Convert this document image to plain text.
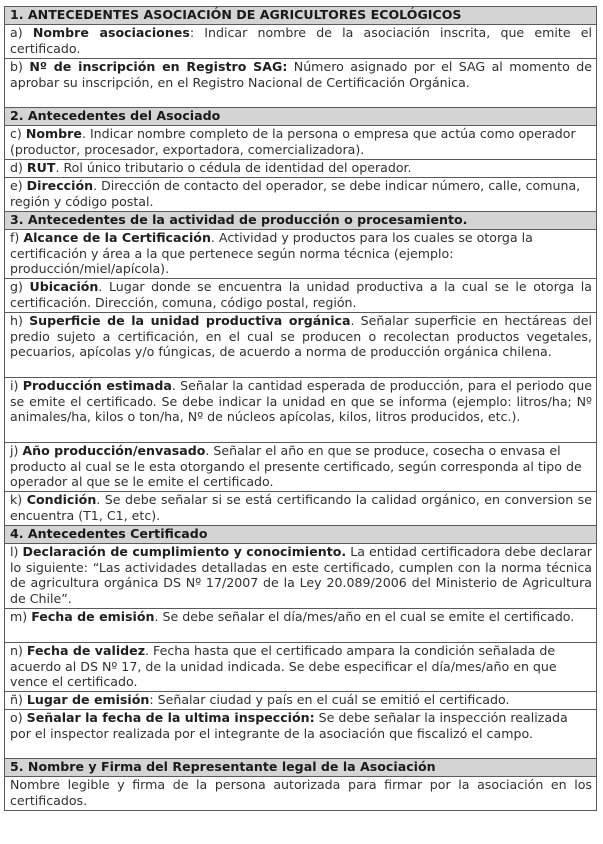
1. ANTECEDENTES ASOCIACIÓN DE AGRICULTORES ECOLÓGICOS
a) Nombre asociaciones: Indicar nombre de la asociación inscrita, que emite el certificado.
b) Nº de inscripción en Registro SAG: Número asignado por el SAG al momento de aprobar su inscripción, en el Registro Nacional de Certificación Orgánica.
2. Antecedentes del Asociado
c) Nombre. Indicar nombre completo de la persona o empresa que actúa como operador (productor, procesador, exportadora, comercializadora).
d) RUT. Rol único tributario o cédula de identidad del operador.
e) Dirección. Dirección de contacto del operador, se debe indicar número, calle, comuna, región y código postal.
3. Antecedentes de la actividad de producción o procesamiento.
f) Alcance de la Certificación. Actividad y productos para los cuales se otorga la certificación y área a la que pertenece según norma técnica (ejemplo: producción/miel/apícola).
g) Ubicación. Lugar donde se encuentra la unidad productiva a la cual se le otorga la certificación. Dirección, comuna, código postal, región.
h) Superficie de la unidad productiva orgánica. Señalar superficie en hectáreas del predio sujeto a certificación, en el cual se producen o recolectan productos vegetales, pecuarios, apícolas y/o fúngicas, de acuerdo a norma de producción orgánica chilena.
i) Producción estimada. Señalar la cantidad esperada de producción, para el periodo que se emite el certificado. Se debe indicar la unidad en que se informa (ejemplo: litros/ha; Nº animales/ha, kilos o ton/ha, Nº de núcleos apícolas, kilos, litros producidos, etc.).
j) Año producción/envasado. Señalar el año en que se produce, cosecha o envasa el producto al cual se le esta otorgando el presente certificado, según corresponda al tipo de operador al que se le emite el certificado.
k) Condición. Se debe señalar si se está certificando la calidad orgánico, en conversion se encuentra (T1, C1, etc).
4. Antecedentes Certificado
l) Declaración de cumplimiento y conocimiento. La entidad certificadora debe declarar lo siguiente: “Las actividades detalladas en este certificado, cumplen con la norma técnica de agricultura orgánica DS Nº 17/2007 de la Ley 20.089/2006 del Ministerio de Agricultura de Chile”.
m) Fecha de emisión. Se debe señalar el día/mes/año en el cual se emite el certificado.
n) Fecha de validez. Fecha hasta que el certificado ampara la condición señalada de acuerdo al DS Nº 17, de la unidad indicada. Se debe especificar el día/mes/año en que vence el certificado.
ñ) Lugar de emisión: Señalar ciudad y país en el cuál se emitió el certificado.
o) Señalar la fecha de la ultima inspección: Se debe señalar la inspección realizada por el inspector realizada por el integrante de la asociación que fiscalizó el campo.
5. Nombre y Firma del Representante legal de la Asociación
Nombre legible y firma de la persona autorizada para firmar por la asociación en los certificados.
